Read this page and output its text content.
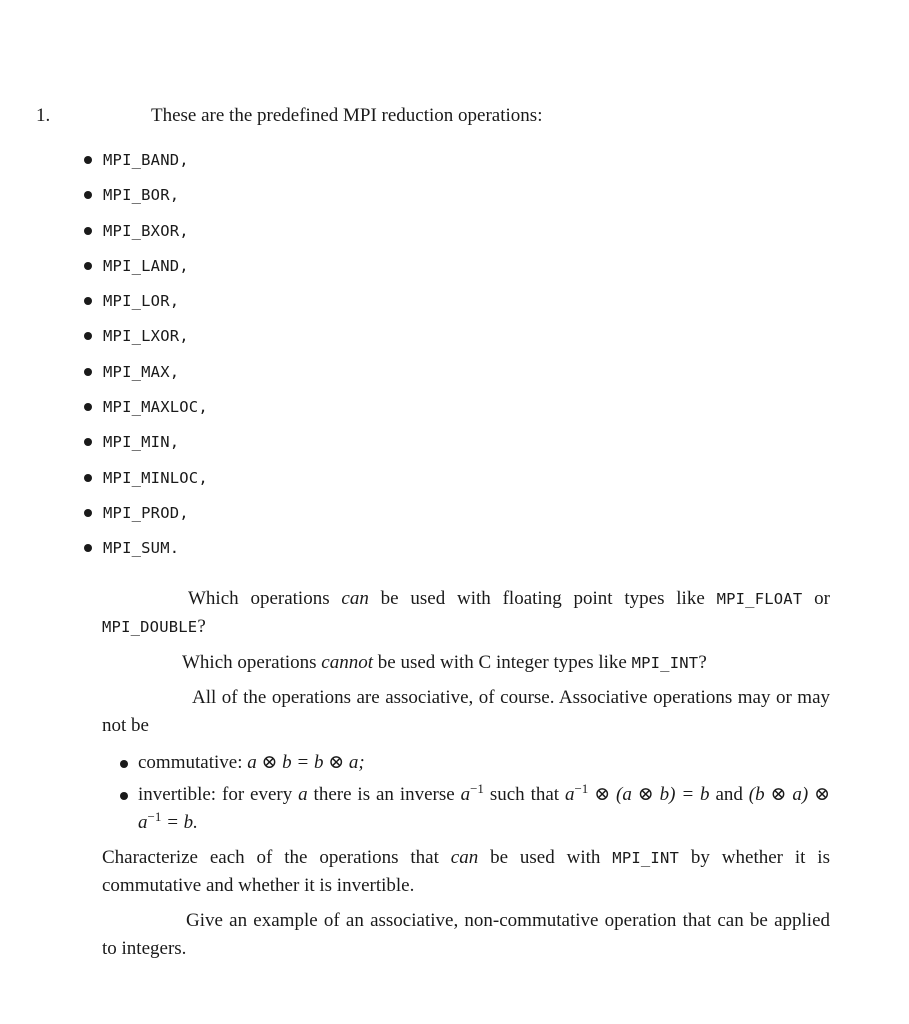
1.	These are the predefined MPI reduction operations:
MPI_BAND,
MPI_BOR,
MPI_BXOR,
MPI_LAND,
MPI_LOR,
MPI_LXOR,
MPI_MAX,
MPI_MAXLOC,
MPI_MIN,
MPI_MINLOC,
MPI_PROD,
MPI_SUM.
Which operations can be used with floating point types like MPI_FLOAT or MPI_DOUBLE?
Which operations cannot be used with C integer types like MPI_INT?
All of the operations are associative, of course. Associative operations may or may not be
commutative: a ⊗ b = b ⊗ a;
invertible: for every a there is an inverse $a^{-1}$ such that $a^{-1}$ ⊗ (a ⊗ b) = b and (b ⊗ a) ⊗ $a^{-1} = b$.
Characterize each of the operations that can be used with MPI_INT by whether it is commutative and whether it is invertible.
Give an example of an associative, non-commutative operation that can be applied to integers.
